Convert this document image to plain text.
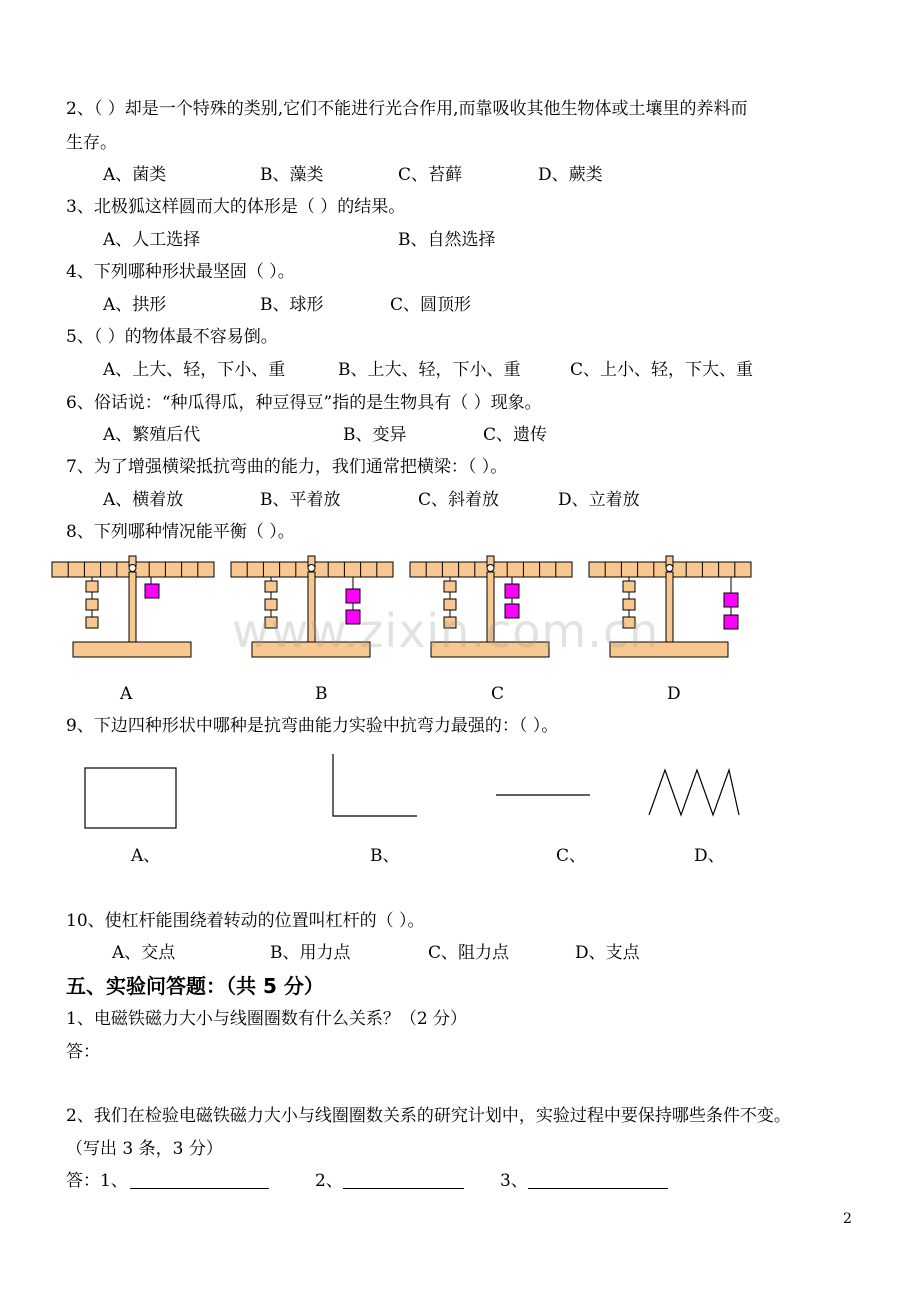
2、（ ）却是一个特殊的类别,它们不能进行光合作用,而靠吸收其他生物体或土壤里的养料而
生存。
A、菌类	B、藻类	C、苔藓	D、蕨类
3、北极狐这样圆而大的体形是（ ）的结果。
A、人工选择	B、自然选择
4、下列哪种形状最坚固（ ）。
A、拱形	B、球形	C、圆顶形
5、（ ）的物体最不容易倒。
A、上大、轻，下小、重	B、上大、轻，下小、重	C、上小、轻，下大、重
6、俗话说：“种瓜得瓜，种豆得豆”指的是生物具有（ ）现象。
A、繁殖后代	B、变异	C、遗传
7、为了增强横梁抵抗弯曲的能力，我们通常把横梁：（ ）。
A、横着放	B、平着放	C、斜着放	D、立着放
8、下列哪种情况能平衡（ ）。
A	B	C	D
www.zixin.com.cn
9、下边四种形状中哪种是抗弯曲能力实验中抗弯力最强的：（ ）。
A、	B、	C、	D、
10、使杠杆能围绕着转动的位置叫杠杆的（ ）。
A、交点	B、用力点	C、阻力点	D、支点
五、实验问答题：（共 5 分）
1、电磁铁磁力大小与线圈圈数有什么关系？（2 分）
答：
2、我们在检验电磁铁磁力大小与线圈圈数关系的研究计划中，实验过程中要保持哪些条件不变。
（写出 3 条，3 分）
答：1、	2、	3、
2
